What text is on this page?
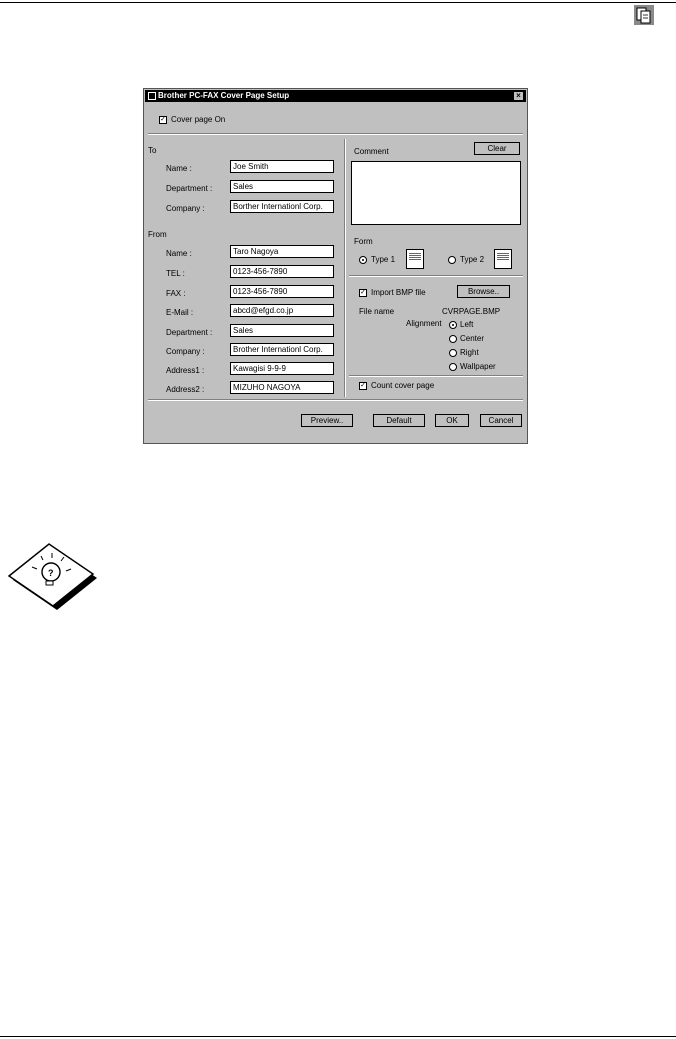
Brother PC-FAX Cover Page Setup	×
✓ Cover page On
To
Name :	Joe Smith
Department :	Sales
Company :	Borther Internationl Corp.
From
Name :	Taro Nagoya
TEL :	0123-456-7890
FAX :	0123-456-7890
E-Mail :	abcd@efgd.co.jp
Department :	Sales
Company :	Brother Internationl Corp.
Address1 :	Kawagisi 9-9-9
Address2 :	MIZUHO NAGOYA
Comment	Clear
Form
Type 1	Type 2
✓ Import BMP file	Browse..
File name	CVRPAGE.BMP
Alignment Left
Center
Right
Wallpaper
✓ Count cover page
Preview..	Default	OK	Cancel
?
